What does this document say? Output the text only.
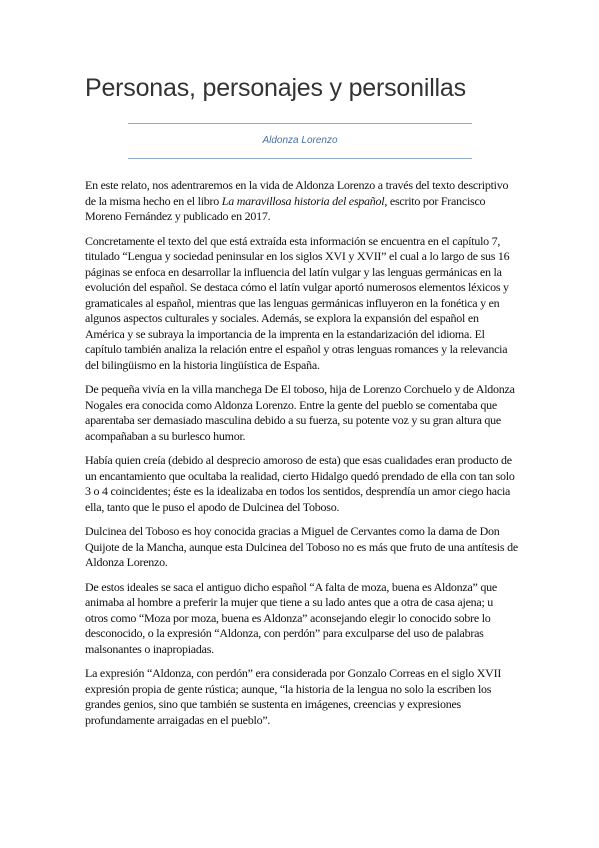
Personas, personajes y personillas
Aldonza Lorenzo

En este relato, nos adentraremos en la vida de Aldonza Lorenzo a través del texto descriptivo de la misma hecho en el libro La maravillosa historia del español, escrito por Francisco Moreno Fernández y publicado en 2017.

Concretamente el texto del que está extraída esta información se encuentra en el capítulo 7, titulado “Lengua y sociedad peninsular en los siglos XVI y XVII” el cual a lo largo de sus 16 páginas se enfoca en desarrollar la influencia del latín vulgar y las lenguas germánicas en la evolución del español. Se destaca cómo el latín vulgar aportó numerosos elementos léxicos y gramaticales al español, mientras que las lenguas germánicas influyeron en la fonética y en algunos aspectos culturales y sociales. Además, se explora la expansión del español en América y se subraya la importancia de la imprenta en la estandarización del idioma. El capítulo también analiza la relación entre el español y otras lenguas romances y la relevancia del bilingüismo en la historia lingüística de España.

De pequeña vivía en la villa manchega De El toboso, hija de Lorenzo Corchuelo y de Aldonza Nogales era conocida como Aldonza Lorenzo. Entre la gente del pueblo se comentaba que aparentaba ser demasiado masculina debido a su fuerza, su potente voz y su gran altura que acompañaban a su burlesco humor.

Había quien creía (debido al desprecio amoroso de esta) que esas cualidades eran producto de un encantamiento que ocultaba la realidad, cierto Hidalgo quedó prendado de ella con tan solo 3 o 4 coincidentes; éste es la idealizaba en todos los sentidos, desprendía un amor ciego hacia ella, tanto que le puso el apodo de Dulcinea del Toboso.

Dulcinea del Toboso es hoy conocida gracias a Miguel de Cervantes como la dama de Don Quijote de la Mancha, aunque esta Dulcinea del Toboso no es más que fruto de una antítesis de Aldonza Lorenzo.

De estos ideales se saca el antiguo dicho español “A falta de moza, buena es Aldonza” que animaba al hombre a preferir la mujer que tiene a su lado antes que a otra de casa ajena; u otros como “Moza por moza, buena es Aldonza” aconsejando elegir lo conocido sobre lo desconocido, o la expresión “Aldonza, con perdón” para exculparse del uso de palabras malsonantes o inapropiadas.

La expresión “Aldonza, con perdón” era considerada por Gonzalo Correas en el siglo XVII expresión propia de gente rústica; aunque, “la historia de la lengua no solo la escriben los grandes genios, sino que también se sustenta en imágenes, creencias y expresiones profundamente arraigadas en el pueblo”.
